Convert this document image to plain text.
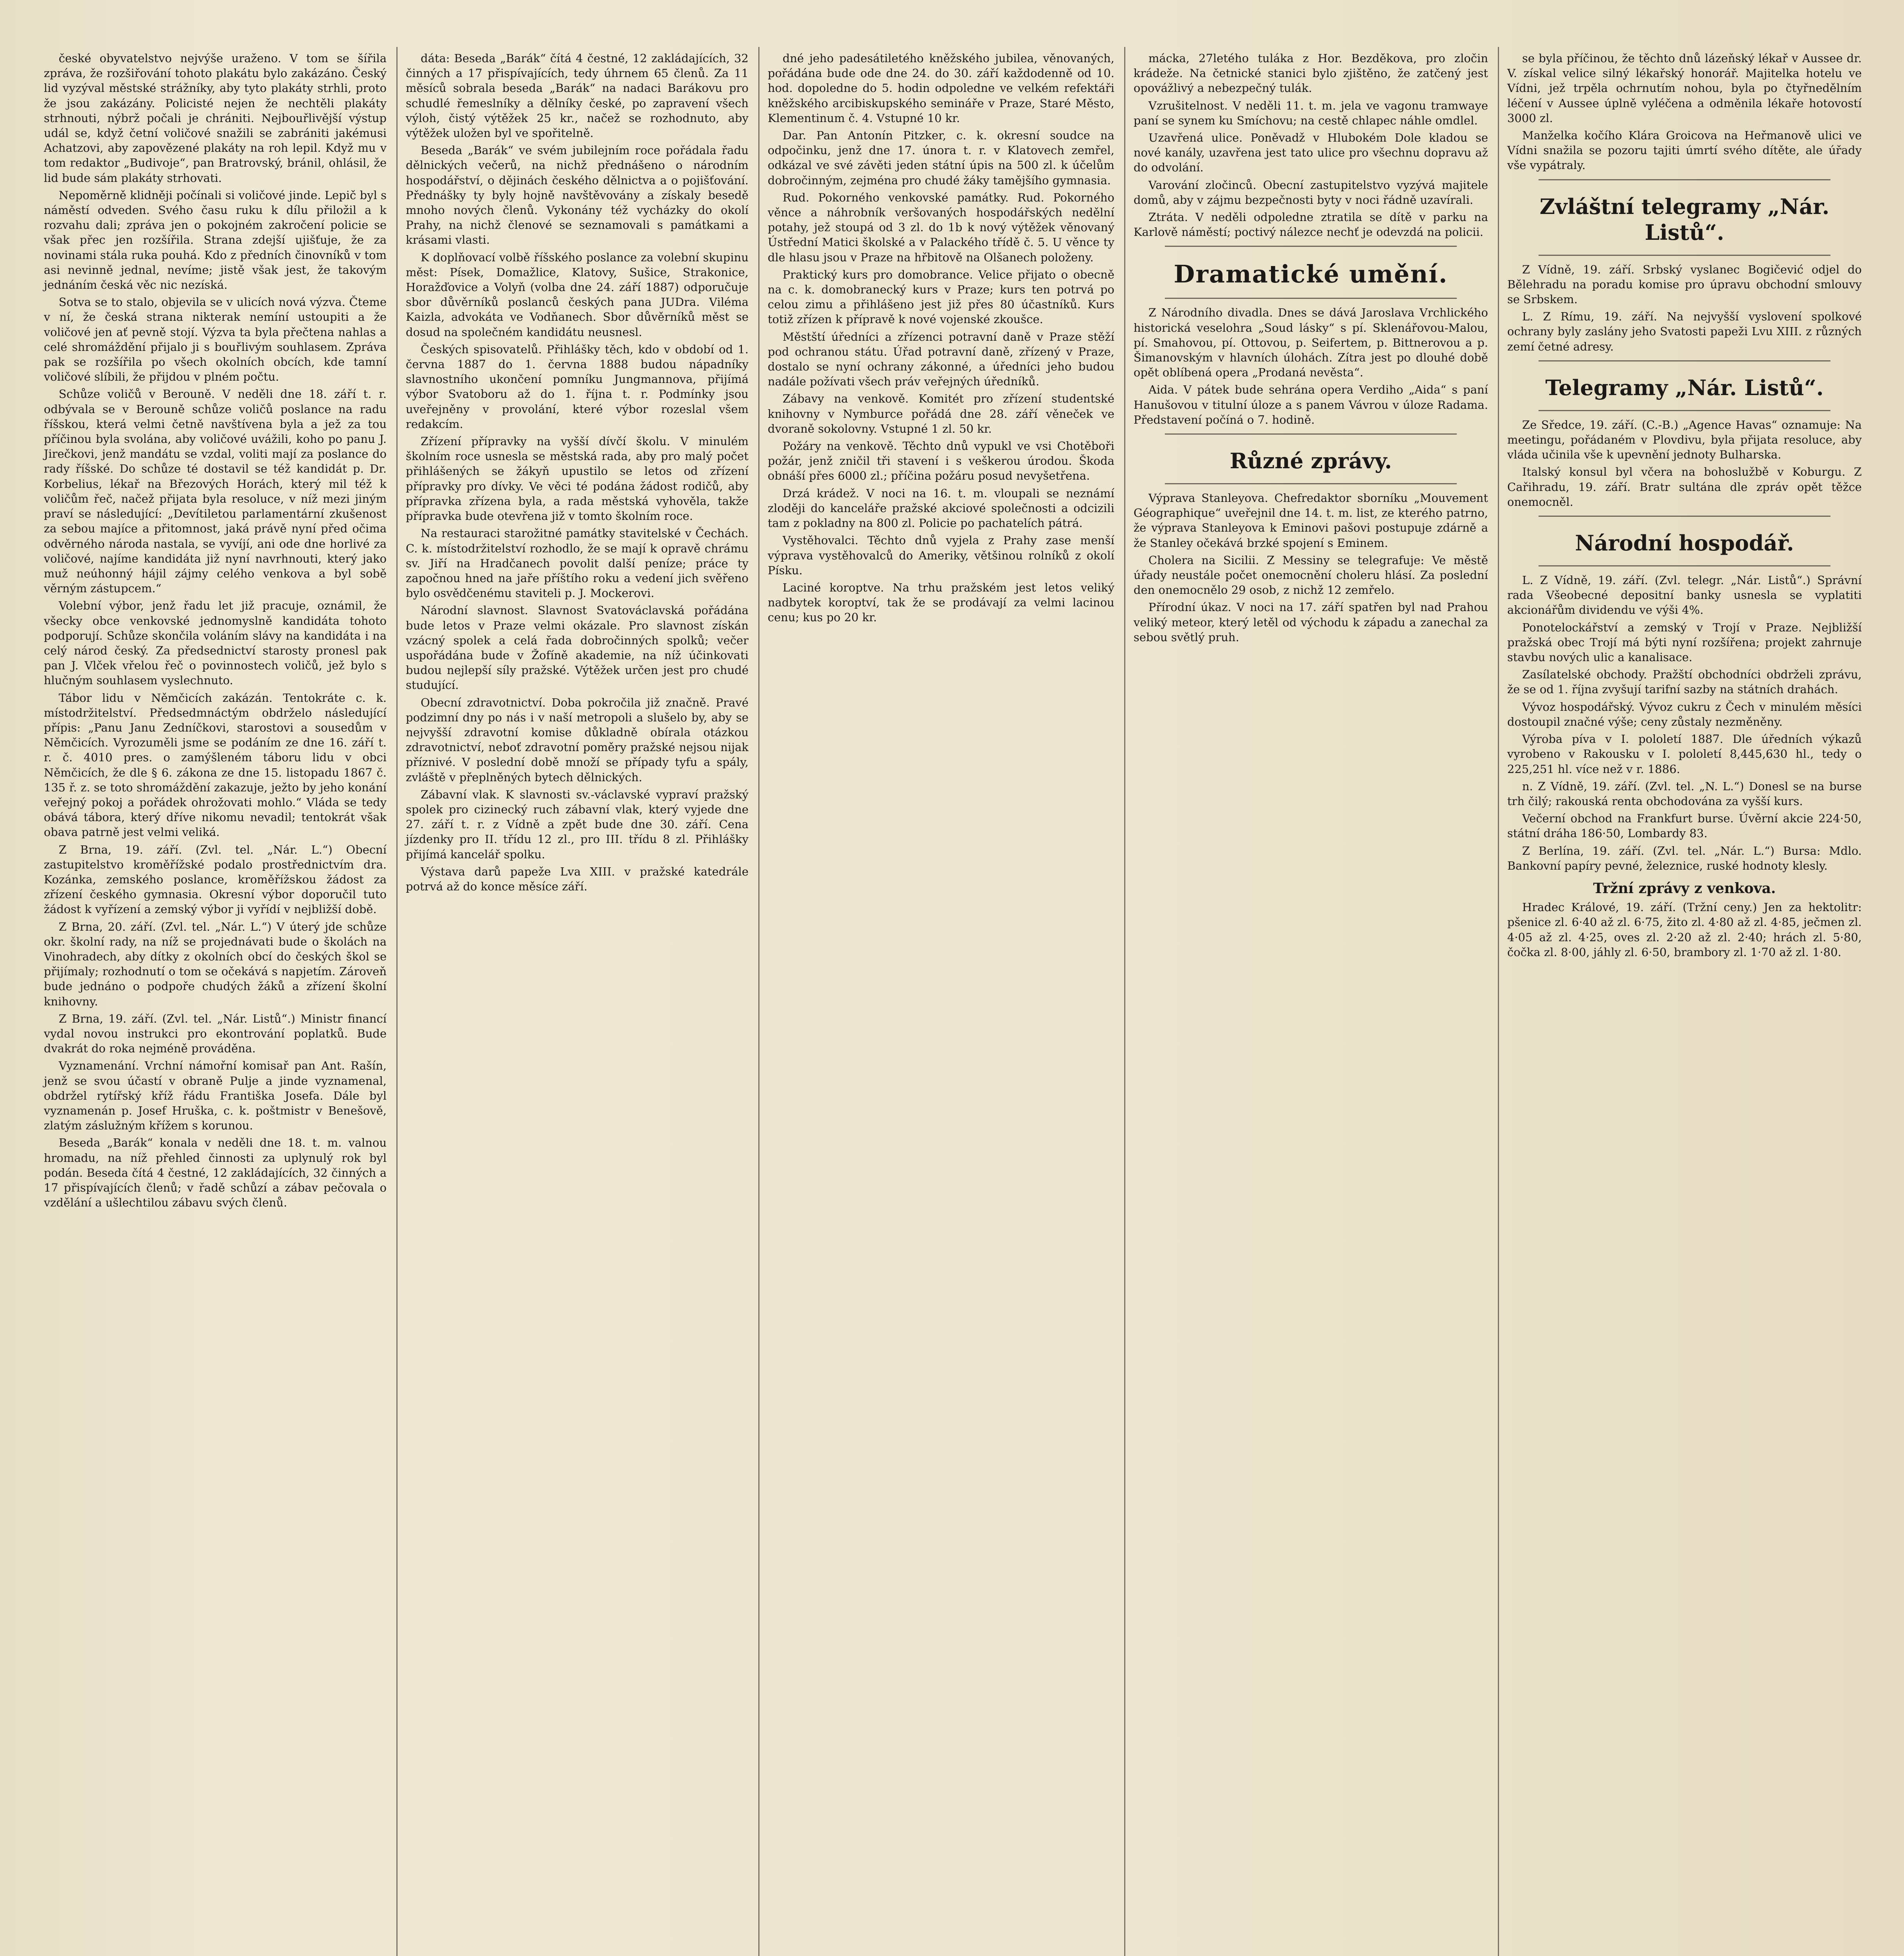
české obyvatelstvo nejvýše uraženo. V tom se šířila zpráva, že rozšiřování tohoto plakátu bylo zakázáno. Český lid vyzýval městské strážníky, aby tyto plakáty strhli, proto že jsou zakázány. Policisté nejen že nechtěli plakáty strhnouti, nýbrž počali je chrániti. Nejbouřlivější výstup udál se, když četní voličové snažili se zabrániti jakémusi Achatzovi, aby zapovězené plakáty na roh lepil. Když mu v tom redaktor „Budivoje“, pan Bratrovský, bránil, ohlásil, že lid bude sám plakáty strhovati.

Nepoměrně klidněji počínali si voličové jinde. Lepič byl s náměstí odveden. Svého času ruku k dílu přiložil a k rozvahu dali; zpráva jen o pokojném zakročení policie se však přec jen rozšířila. Strana zdejší ujišťuje, že za novinami stála ruka pouhá. Kdo z předních činovníků v tom asi nevinně jednal, nevíme; jistě však jest, že takovým jednáním česká věc nic nezíská.

Sotva se to stalo, objevila se v ulicích nová výzva. Čteme v ní, že česká strana nikterak nemíní ustoupiti a že voličové jen ať pevně stojí. Výzva ta byla přečtena nahlas a celé shromáždění přijalo ji s bouřlivým souhlasem. Zpráva pak se rozšířila po všech okolních obcích, kde tamní voličové slíbili, že přijdou v plném počtu.

Schůze voličů v Berouně. V neděli dne 18. září t. r. odbývala se v Berouně schůze voličů poslance na radu říšskou, která velmi četně navštívena byla a jež za tou příčinou byla svolána, aby voličové uvážili, koho po panu J. Jirečkovi, jenž mandátu se vzdal, voliti mají za poslance do rady říšské. Do schůze té dostavil se též kandidát p. Dr. Korbelius, lékař na Březových Horách, který mil též k voličům řeč, načež přijata byla resoluce, v níž mezi jiným praví se následující: „Devítiletou parlamentární zkušenost za sebou majíce a přitomnost, jaká právě nyní před očima odvěrného národa nastala, se vyvíjí, ani ode dne horlivé za voličové, najíme kandidáta již nyní navrhnouti, který jako muž neúhonný hájil zájmy celého venkova a byl sobě věrným zástupcem.“

Volební výbor, jenž řadu let již pracuje, oznámil, že všecky obce venkovské jednomyslně kandidáta tohoto podporují. Schůze skončila voláním slávy na kandidáta i na celý národ český. Za předsednictví starosty pronesl pak pan J. Vlček vřelou řeč o povinnostech voličů, jež bylo s hlučným souhlasem vyslechnuto.

Tábor lidu v Němčicích zakázán. Tentokráte c. k. místodržitelství. Předsedmnáctým obdrželo následující přípis: „Panu Janu Zedníčkovi, starostovi a sousedům v Němčicích. Vyrozuměli jsme se podáním ze dne 16. září t. r. č. 4010 pres. o zamýšleném táboru lidu v obci Němčicích, že dle § 6. zákona ze dne 15. listopadu 1867 č. 135 ř. z. se toto shromáždění zakazuje, ježto by jeho konání veřejný pokoj a pořádek ohrožovati mohlo.“ Vláda se tedy obává tábora, který dříve nikomu nevadil; tentokrát však obava patrně jest velmi veliká.

Z Brna, 19. září. (Zvl. tel. „Nár. L.“) Obecní zastupitelstvo kroměřížské podalo prostřednictvím dra. Kozánka, zemského poslance, kroměřížskou žádost za zřízení českého gymnasia. Okresní výbor doporučil tuto žádost k vyřízení a zemský výbor ji vyřídí v nejbližší době.

Z Brna, 20. září. (Zvl. tel. „Nár. L.“) V úterý jde schůze okr. školní rady, na níž se projednávati bude o školách na Vinohradech, aby dítky z okolních obcí do českých škol se přijímaly; rozhodnutí o tom se očekává s napjetím. Zároveň bude jednáno o podpoře chudých žáků a zřízení školní knihovny.

Z Brna, 19. září. (Zvl. tel. „Nár. Listů“.) Ministr financí vydal novou instrukci pro ekontrování poplatků. Bude dvakrát do roka nejméně prováděna.

Vyznamenání. Vrchní námořní komisař pan Ant. Rašín, jenž se svou účastí v obraně Pulje a jinde vyznamenal, obdržel rytířský kříž řádu Františka Josefa. Dále byl vyznamenán p. Josef Hruška, c. k. poštmistr v Benešově, zlatým záslužným křížem s korunou.

Besedа „Barák“ konala v neděli dne 18. t. m. valnou hromadu, na níž přehled činnosti za uplynulý rok byl podán. Beseda čítá 4 čestné, 12 zakládajících, 32 činných a 17 přispívajících členů; v řadě schůzí a zábav pečovala o vzdělání a ušlechtilou zábavu svých členů.

dáta: Beseda „Barák“ čítá 4 čestné, 12 zakládajících, 32 činných a 17 přispívajících, tedy úhrnem 65 členů. Za 11 měsíců sobrala beseda „Barák“ na nadaci Barákovu pro schudlé řemeslníky a dělníky české, po zapravení všech výloh, čistý výtěžek 25 kr., načež se rozhodnuto, aby výtěžek uložen byl ve spořitelně.

Beseda „Barák“ ve svém jubilejním roce pořádala řadu dělnických večerů, na nichž přednášeno o národním hospodářství, o dějinách českého dělnictva a o pojišťování. Přednášky ty byly hojně navštěvovány a získaly besedě mnoho nových členů. Vykonány též vycházky do okolí Prahy, na nichž členové se seznamovali s památkami a krásami vlasti.

K doplňovací volbě říšského poslance za volební skupinu měst: Písek, Domažlice, Klatovy, Sušice, Strakonice, Horažďovice a Volyň (volba dne 24. září 1887) odporučuje sbor důvěrníků poslanců českých pana JUDra. Viléma Kaizla, advokáta ve Vodňanech. Sbor důvěrníků měst se dosud na společném kandidátu neusnesl.

Českých spisovatelů. Přihlášky těch, kdo v období od 1. června 1887 do 1. června 1888 budou nápadníky slavnostního ukončení pomníku Jungmannova, přijímá výbor Svatoboru až do 1. října t. r. Podmínky jsou uveřejněny v provolání, které výbor rozeslal všem redakcím.

Zřízení přípravky na vyšší dívčí školu. V minulém školním roce usnesla se městská rada, aby pro malý počet přihlášených se žákyň upustilo se letos od zřízení přípravky pro dívky. Ve věci té podána žádost rodičů, aby přípravka zřízena byla, a rada městská vyhověla, takže přípravka bude otevřena již v tomto školním roce.

Na restauraci starožitné památky stavitelské v Čechách. C. k. místodržitelství rozhodlo, že se mají k opravě chrámu sv. Jiří na Hradčanech povolit další peníze; práce ty započnou hned na jaře příštího roku a vedení jich svěřeno bylo osvědčenému staviteli p. J. Mockerovi.

Národní slavnost. Slavnost Svatováclavská pořádána bude letos v Praze velmi okázale. Pro slavnost získán vzácný spolek a celá řada dobročinných spolků; večer uspořádána bude v Žofíně akademie, na níž účinkovati budou nejlepší síly pražské. Výtěžek určen jest pro chudé studující.

Obecní zdravotnictví. Doba pokročila již značně. Pravé podzimní dny po nás i v naší metropoli a slušelo by, aby se nejvyšší zdravotní komise důkladně obírala otázkou zdravotnictví, neboť zdravotní poměry pražské nejsou nijak příznivé. V poslední době množí se případy tyfu a spály, zvláště v přeplněných bytech dělnických.

Zábavní vlak. K slavnosti sv.-václavské vypraví pražský spolek pro cizinecký ruch zábavní vlak, který vyjede dne 27. září t. r. z Vídně a zpět bude dne 30. září. Cena jízdenky pro II. třídu 12 zl., pro III. třídu 8 zl. Přihlášky přijímá kancelář spolku.

Výstava darů papeže Lva XIII. v pražské katedrále potrvá až do konce měsíce září.

dné jeho padesátiletého kněžského jubilea, věnovaných, pořádána bude ode dne 24. do 30. září každodenně od 10. hod. dopoledne do 5. hodin odpoledne ve velkém refektáři kněžského arcibiskupského semináře v Praze, Staré Město, Klementinum č. 4. Vstupné 10 kr.

Dar. Pan Antonín Pitzker, c. k. okresní soudce na odpočinku, jenž dne 17. února t. r. v Klatovech zemřel, odkázal ve své závěti jeden státní úpis na 500 zl. k účelům dobročinným, zejména pro chudé žáky tamějšího gymnasia.

Rud. Pokorného venkovské památky. Rud. Pokorného věnce a náhrobník veršovaných hospodářských nedělní potahy, jež stoupá od 3 zl. do 1b k nový výtěžek věnovaný Ústřední Matici školské a v Palackého třídě č. 5. U věnce ty dle hlasu jsou v Praze na hřbitově na Olšanech položeny.

Praktický kurs pro domobrance. Velice přijato o obecně na c. k. domobranecký kurs v Praze; kurs ten potrvá po celou zimu a přihlášeno jest již přes 80 účastníků. Kurs totiž zřízen k přípravě k nové vojenské zkoušce.

Městští úředníci a zřízenci potravní daně v Praze stěží pod ochranou státu. Úřad potravní daně, zřízený v Praze, dostalo se nyní ochrany zákonné, a úředníci jeho budou nadále požívati všech práv veřejných úředníků.

Zábavy na venkově. Komitét pro zřízení studentské knihovny v Nymburce pořádá dne 28. září věneček ve dvoraně sokolovny. Vstupné 1 zl. 50 kr.

Požáry na venkově. Těchto dnů vypukl ve vsi Chotěboři požár, jenž zničil tři stavení i s veškerou úrodou. Škoda obnáší přes 6000 zl.; příčina požáru posud nevyšetřena.

Drzá krádež. V noci na 16. t. m. vloupali se neznámí zloději do kanceláře pražské akciové společnosti a odcizili tam z pokladny na 800 zl. Policie po pachatelích pátrá.

Vystěhovalci. Těchto dnů vyjela z Prahy zase menší výprava vystěhovalců do Ameriky, většinou rolníků z okolí Písku.

Laciné koroptve. Na trhu pražském jest letos veliký nadbytek koroptví, tak že se prodávají za velmi lacinou cenu; kus po 20 kr.

mácka, 27letého tuláka z Hor. Bezděkova, pro zločin krádeže. Na četnické stanici bylo zjištěno, že zatčený jest opovážlivý a nebezpečný tulák.

Vzrušitelnost. V neděli 11. t. m. jela ve vagonu tramwaye paní se synem ku Smíchovu; na cestě chlapec náhle omdlel.

Uzavřená ulice. Poněvadž v Hlubokém Dole kladou se nové kanály, uzavřena jest tato ulice pro všechnu dopravu až do odvolání.

Varování zločinců. Obecní zastupitelstvo vyzývá majitele domů, aby v zájmu bezpečnosti byty v noci řádně uzavírali.

Ztráta. V neděli odpoledne ztratila se dítě v parku na Karlově náměstí; poctivý nálezce nechť je odevzdá na policii.

Dramatické umění.

Z Národního divadla. Dnes se dává Jaroslava Vrchlického historická veselohra „Soud lásky“ s pí. Sklenářovou-Malou, pí. Smahovou, pí. Ottovou, p. Seifertem, p. Bittnerovou a p. Šimanovským v hlavních úlohách. Zítra jest po dlouhé době opět oblíbená opera „Prodaná nevěsta“.

Aida. V pátek bude sehrána opera Verdiho „Aida“ s paní Hanušovou v titulní úloze a s panem Vávrou v úloze Radama. Představení počíná o 7. hodině.

Různé zprávy.

Výprava Stanleyova. Chefredaktor sborníku „Mouvement Géographique“ uveřejnil dne 14. t. m. list, ze kterého patrno, že výprava Stanleyova k Eminovi pašovi postupuje zdárně a že Stanley očekává brzké spojení s Eminem.

Cholera na Sicilii. Z Messiny se telegrafuje: Ve městě úřady neustále počet onemocnění choleru hlásí. Za poslední den onemocnělo 29 osob, z nichž 12 zemřelo.

Přírodní úkaz. V noci na 17. září spatřen byl nad Prahou veliký meteor, který letěl od východu k západu a zanechal za sebou světlý pruh.

se byla příčinou, že těchto dnů lázeňský lékař v Aussee dr. V. získal velice silný lékařský honorář. Majitelka hotelu ve Vídni, jež trpěla ochrnutím nohou, byla po čtyřnedělním léčení v Aussee úplně vyléčena a odměnila lékaře hotovostí 3000 zl.

Manželka kočího Klára Groicova na Heřmanově ulici ve Vídni snažila se pozoru tajiti úmrtí svého dítěte, ale úřady vše vypátraly.

Zvláštní telegramy „Nár. Listů“.

Z Vídně, 19. září. Srbský vyslanec Bogičević odjel do Bělehradu na poradu komise pro úpravu obchodní smlouvy se Srbskem.

L. Z Rímu, 19. září. Na nejvyšší vyslovení spolkové ochrany byly zaslány jeho Svatosti papeži Lvu XIII. z různých zemí četné adresy.

Telegramy „Nár. Listů“.

Ze Sředce, 19. září. (C.-B.) „Agence Havas“ oznamuje: Na meetingu, pořádaném v Plovdivu, byla přijata resoluce, aby vláda učinila vše k upevnění jednoty Bulharska.

Italský konsul byl včera na bohoslužbě v Koburgu. Z Cařihradu, 19. září. Bratr sultána dle zpráv opět těžce onemocněl.

Národní hospodář.

L. Z Vídně, 19. září. (Zvl. telegr. „Nár. Listů“.) Správní rada Všeobecné depositní banky usnesla se vyplatiti akcionářům dividendu ve výši 4%.

Ponotelockářství a zemský v Trojí v Praze. Nejbližší pražská obec Trojí má býti nyní rozšířena; projekt zahrnuje stavbu nových ulic a kanalisace.

Zasílatelské obchody. Pražští obchodníci obdrželi zprávu, že se od 1. října zvyšují tarifní sazby na státních drahách.

Vývoz hospodářský. Vývoz cukru z Čech v minulém měsíci dostoupil značné výše; ceny zůstaly nezměněny.

Výroba píva v I. pololetí 1887. Dle úředních výkazů vyrobeno v Rakousku v I. pololetí 8,445,630 hl., tedy o 225,251 hl. více než v r. 1886.

n. Z Vídně, 19. září. (Zvl. tel. „N. L.“) Donesl se na burse trh čilý; rakouská renta obchodována za vyšší kurs.

Večerní obchod na Frankfurt burse. Úvěrní akcie 224·50, státní dráha 186·50, Lombardy 83.

Z Berlína, 19. září. (Zvl. tel. „Nár. L.“) Bursa: Mdlo. Bankovní papíry pevné, železnice, ruské hodnoty klesly.

Tržní zprávy z venkova.

Hradec Králové, 19. září. (Tržní ceny.) Jen za hektolitr: pšenice zl. 6·40 až zl. 6·75, žito zl. 4·80 až zl. 4·85, ječmen zl. 4·05 až zl. 4·25, oves zl. 2·20 až zl. 2·40; hrách zl. 5·80, čočka zl. 8·00, jáhly zl. 6·50, brambory zl. 1·70 až zl. 1·80.
